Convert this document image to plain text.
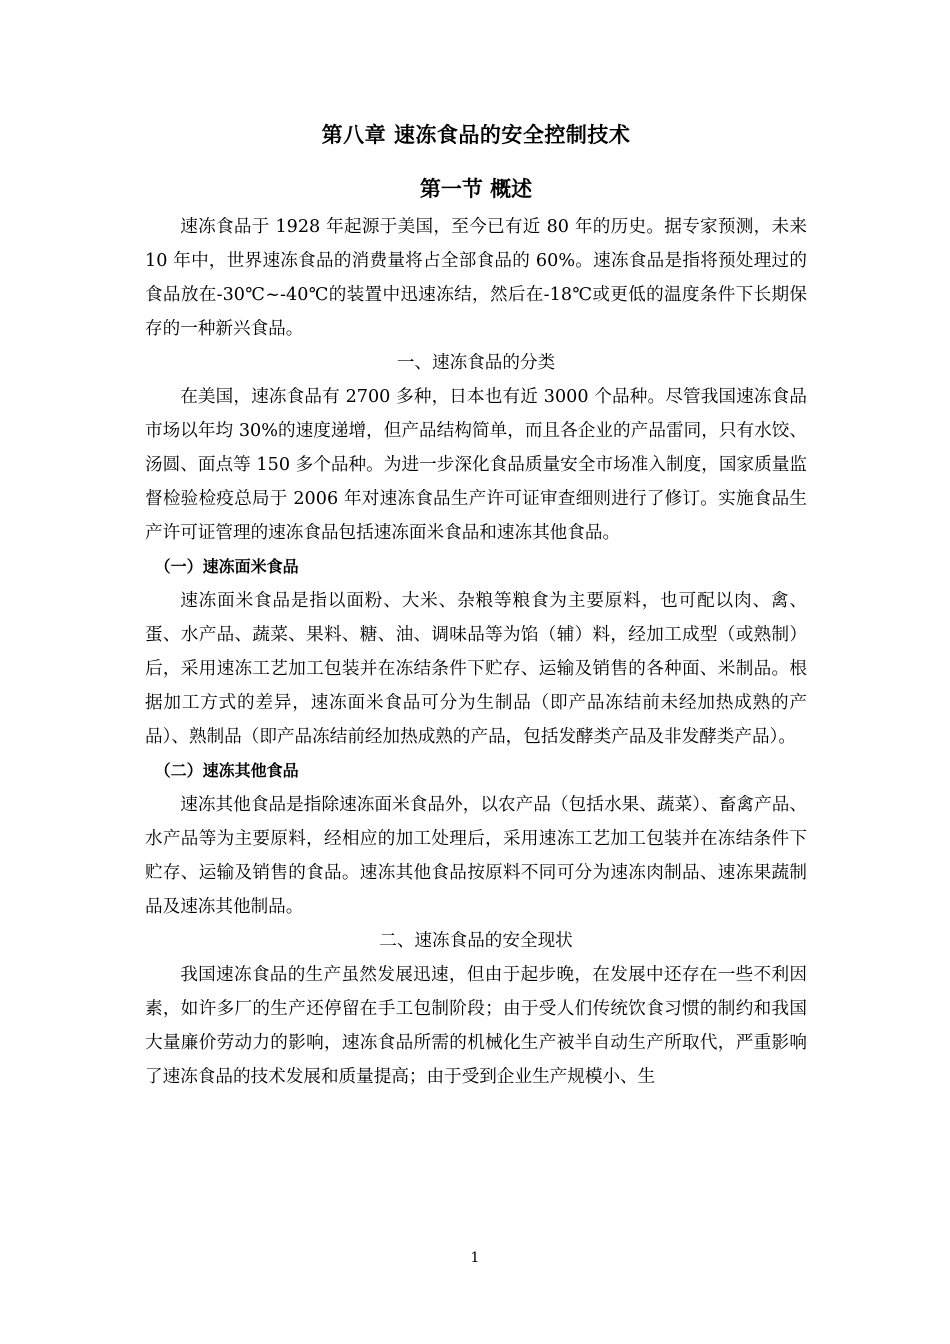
第八章 速冻食品的安全控制技术
第一节 概述

速冻食品于 1928 年起源于美国，至今已有近 80 年的历史。据专家预测，未来 10 年中，世界速冻食品的消费量将占全部食品的 60%。速冻食品是指将预处理过的食品放在-30℃~-40℃的装置中迅速冻结，然后在-18℃或更低的温度条件下长期保存的一种新兴食品。

一、速冻食品的分类

在美国，速冻食品有 2700 多种，日本也有近 3000 个品种。尽管我国速冻食品市场以年均 30%的速度递增，但产品结构简单，而且各企业的产品雷同，只有水饺、汤圆、面点等 150 多个品种。为进一步深化食品质量安全市场准入制度，国家质量监督检验检疫总局于 2006 年对速冻食品生产许可证审查细则进行了修订。实施食品生产许可证管理的速冻食品包括速冻面米食品和速冻其他食品。

（一）速冻面米食品

速冻面米食品是指以面粉、大米、杂粮等粮食为主要原料，也可配以肉、禽、蛋、水产品、蔬菜、果料、糖、油、调味品等为馅（辅）料，经加工成型（或熟制）后，采用速冻工艺加工包装并在冻结条件下贮存、运输及销售的各种面、米制品。根据加工方式的差异，速冻面米食品可分为生制品（即产品冻结前未经加热成熟的产品）、熟制品（即产品冻结前经加热成熟的产品，包括发酵类产品及非发酵类产品）。

（二）速冻其他食品

速冻其他食品是指除速冻面米食品外，以农产品（包括水果、蔬菜）、畜禽产品、水产品等为主要原料，经相应的加工处理后，采用速冻工艺加工包装并在冻结条件下贮存、运输及销售的食品。速冻其他食品按原料不同可分为速冻肉制品、速冻果蔬制品及速冻其他制品。

二、速冻食品的安全现状

我国速冻食品的生产虽然发展迅速，但由于起步晚，在发展中还存在一些不利因素，如许多厂的生产还停留在手工包制阶段；由于受人们传统饮食习惯的制约和我国大量廉价劳动力的影响，速冻食品所需的机械化生产被半自动生产所取代，严重影响了速冻食品的技术发展和质量提高；由于受到企业生产规模小、生

1
